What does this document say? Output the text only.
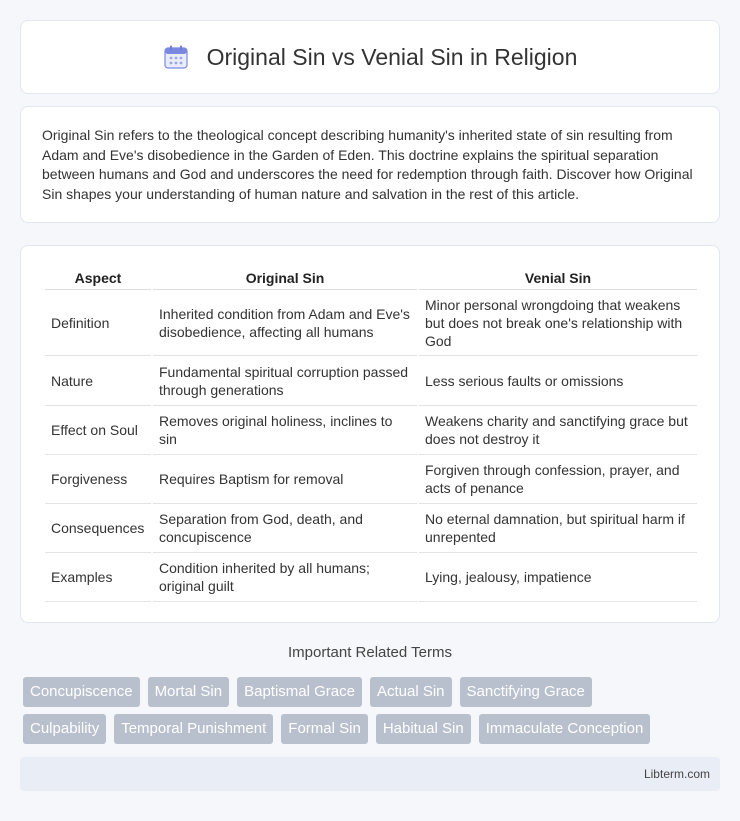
Original Sin vs Venial Sin in Religion

Original Sin refers to the theological concept describing humanity's inherited state of sin resulting from Adam and Eve's disobedience in the Garden of Eden. This doctrine explains the spiritual separation between humans and God and underscores the need for redemption through faith. Discover how Original Sin shapes your understanding of human nature and salvation in the rest of this article.

Aspect	Original Sin	Venial Sin
Definition	Inherited condition from Adam and Eve's disobedience, affecting all humans	Minor personal wrongdoing that weakens but does not break one's relationship with God
Nature	Fundamental spiritual corruption passed through generations	Less serious faults or omissions
Effect on Soul	Removes original holiness, inclines to sin	Weakens charity and sanctifying grace but does not destroy it
Forgiveness	Requires Baptism for removal	Forgiven through confession, prayer, and acts of penance
Consequences	Separation from God, death, and concupiscence	No eternal damnation, but spiritual harm if unrepented
Examples	Condition inherited by all humans; original guilt	Lying, jealousy, impatience
Important Related Terms
Concupiscence	Mortal Sin	Baptismal Grace	Actual Sin	Sanctifying Grace
Culpability	Temporal Punishment	Formal Sin	Habitual Sin	Immaculate Conception
Libterm.com
